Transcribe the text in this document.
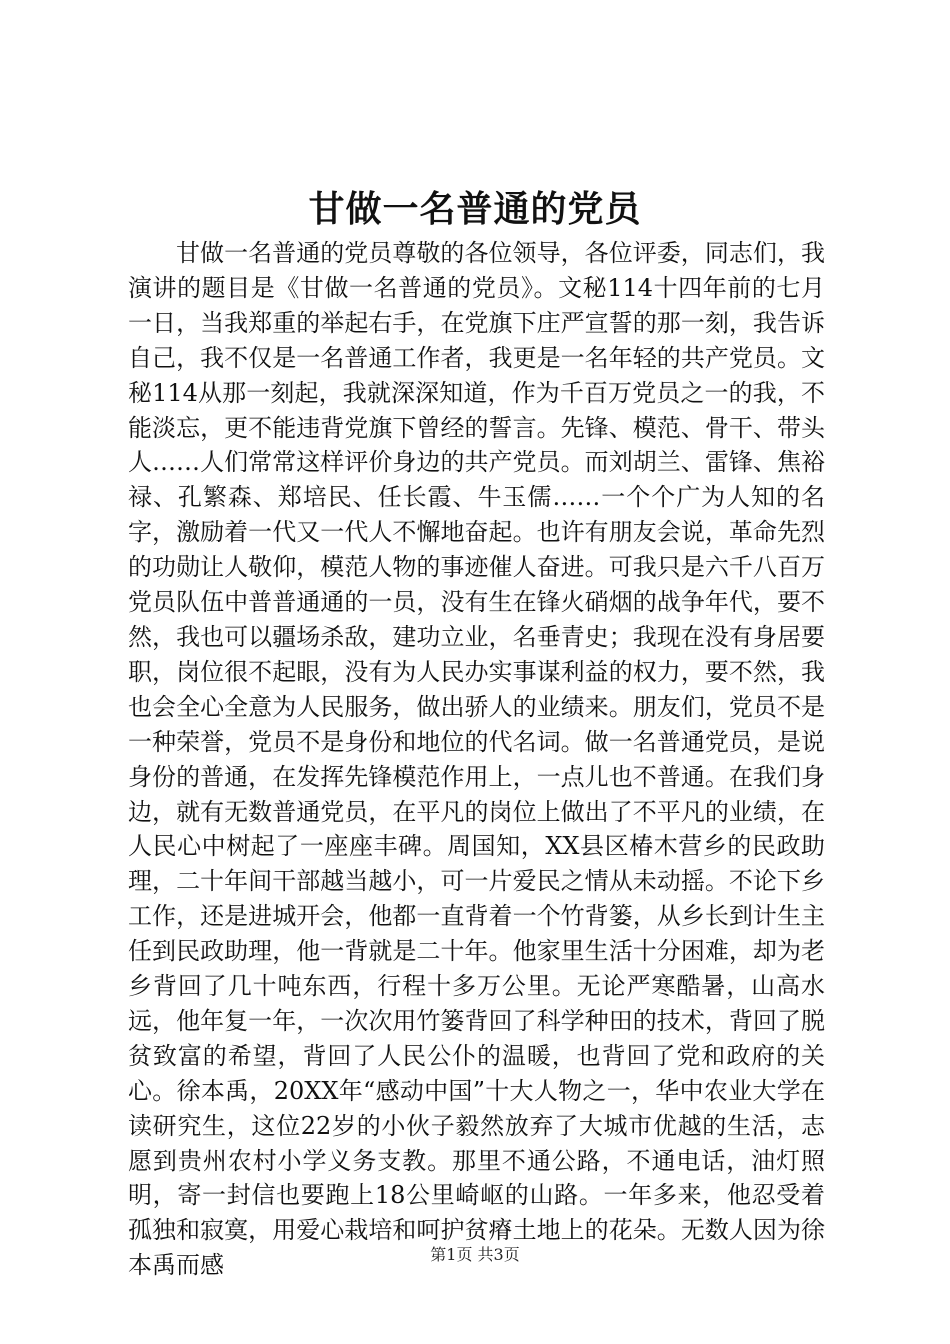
甘做一名普通的党员

甘做一名普通的党员尊敬的各位领导，各位评委，同志们，我演讲的题目是《甘做一名普通的党员》。文秘114十四年前的七月一日，当我郑重的举起右手，在党旗下庄严宣誓的那一刻，我告诉自己，我不仅是一名普通工作者，我更是一名年轻的共产党员。文秘114从那一刻起，我就深深知道，作为千百万党员之一的我，不能淡忘，更不能违背党旗下曾经的誓言。先锋、模范、骨干、带头人……人们常常这样评价身边的共产党员。而刘胡兰、雷锋、焦裕禄、孔繁森、郑培民、任长霞、牛玉儒……一个个广为人知的名字，激励着一代又一代人不懈地奋起。也许有朋友会说，革命先烈的功勋让人敬仰，模范人物的事迹催人奋进。可我只是六千八百万党员队伍中普普通通的一员，没有生在锋火硝烟的战争年代，要不然，我也可以疆场杀敌，建功立业，名垂青史；我现在没有身居要职，岗位很不起眼，没有为人民办实事谋利益的权力，要不然，我也会全心全意为人民服务，做出骄人的业绩来。朋友们，党员不是一种荣誉，党员不是身份和地位的代名词。做一名普通党员，是说身份的普通，在发挥先锋模范作用上，一点儿也不普通。在我们身边，就有无数普通党员，在平凡的岗位上做出了不平凡的业绩，在人民心中树起了一座座丰碑。周国知，XX县区椿木营乡的民政助理，二十年间干部越当越小，可一片爱民之情从未动摇。不论下乡工作，还是进城开会，他都一直背着一个竹背篓，从乡长到计生主任到民政助理，他一背就是二十年。他家里生活十分困难，却为老乡背回了几十吨东西，行程十多万公里。无论严寒酷暑，山高水远，他年复一年，一次次用竹篓背回了科学种田的技术，背回了脱贫致富的希望，背回了人民公仆的温暖，也背回了党和政府的关心。徐本禹，20XX年“感动中国”十大人物之一，华中农业大学在读研究生，这位22岁的小伙子毅然放弃了大城市优越的生活，志愿到贵州农村小学义务支教。那里不通公路，不通电话，油灯照明，寄一封信也要跑上18公里崎岖的山路。一年多来，他忍受着孤独和寂寞，用爱心栽培和呵护贫瘠土地上的花朵。无数人因为徐本禹而感	第1页 共3页
